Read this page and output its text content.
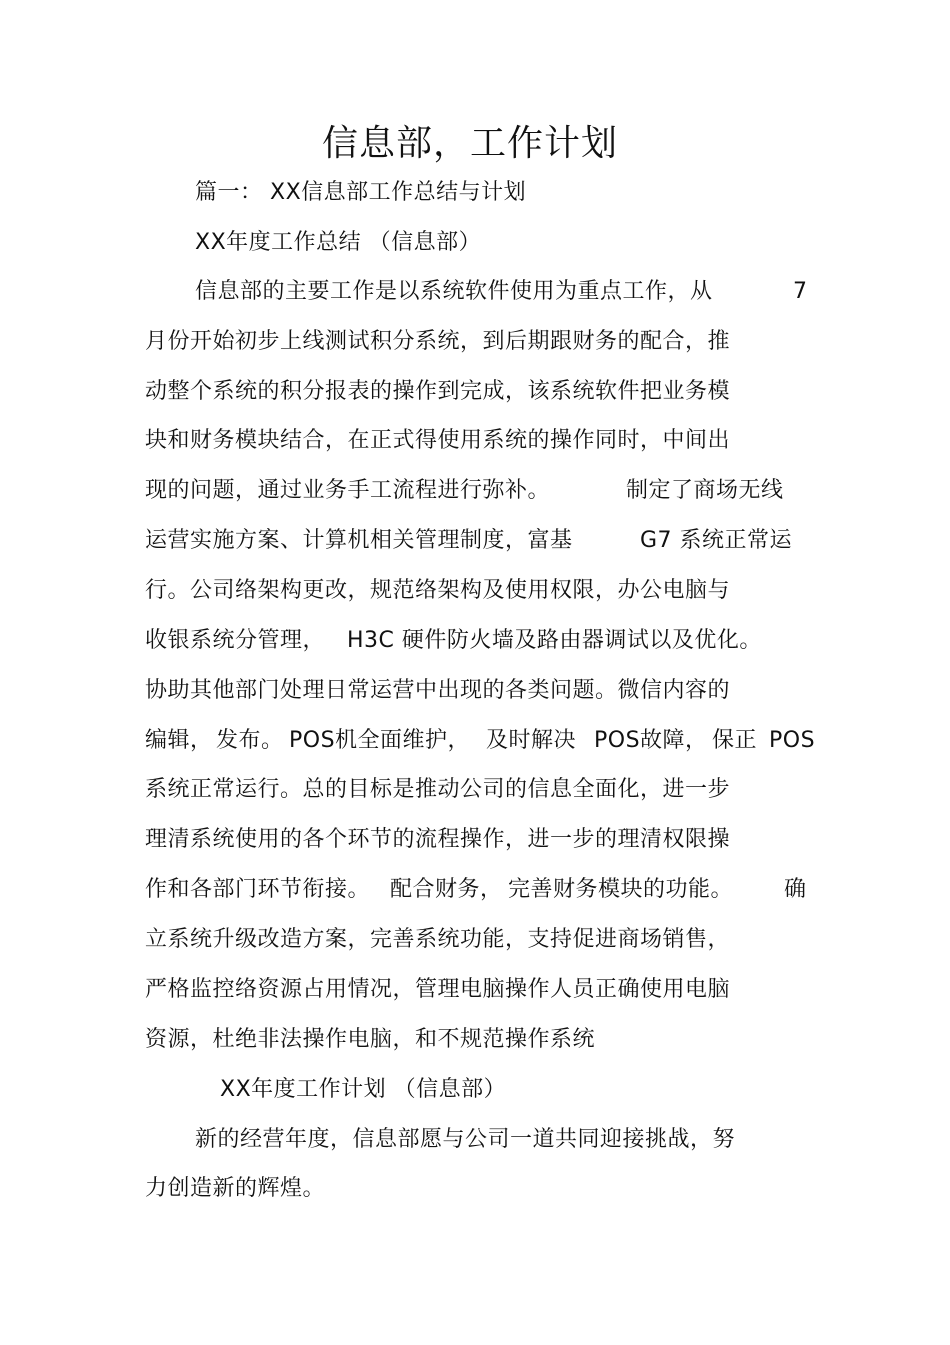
信息部，工作计划
篇一： XX信息部工作总结与计划
XX年度工作总结 （信息部）
信息部的主要工作是以系统软件使用为重点工作，从	7
月份开始初步上线测试积分系统，到后期跟财务的配合，推
动整个系统的积分报表的操作到完成，该系统软件把业务模
块和财务模块结合，在正式得使用系统的操作同时，中间出
现的问题，通过业务手工流程进行弥补。	制定了商场无线
运营实施方案、计算机相关管理制度，富基	G7 系统正常运
行。公司络架构更改，规范络架构及使用权限，办公电脑与
收银系统分管理， H3C 硬件防火墙及路由器调试以及优化。
协助其他部门处理日常运营中出现的各类问题。微信内容的
编辑， 发布。 POS机全面维护， 及时解决 POS故障， 保正 POS
系统正常运行。总的目标是推动公司的信息全面化，进一步
理清系统使用的各个环节的流程操作，进一步的理清权限操
作和各部门环节衔接。 配合财务， 完善财务模块的功能。 确
立系统升级改造方案，完善系统功能，支持促进商场销售，
严格监控络资源占用情况，管理电脑操作人员正确使用电脑
资源，杜绝非法操作电脑，和不规范操作系统
XX年度工作计划 （信息部）
新的经营年度，信息部愿与公司一道共同迎接挑战，努
力创造新的辉煌。
